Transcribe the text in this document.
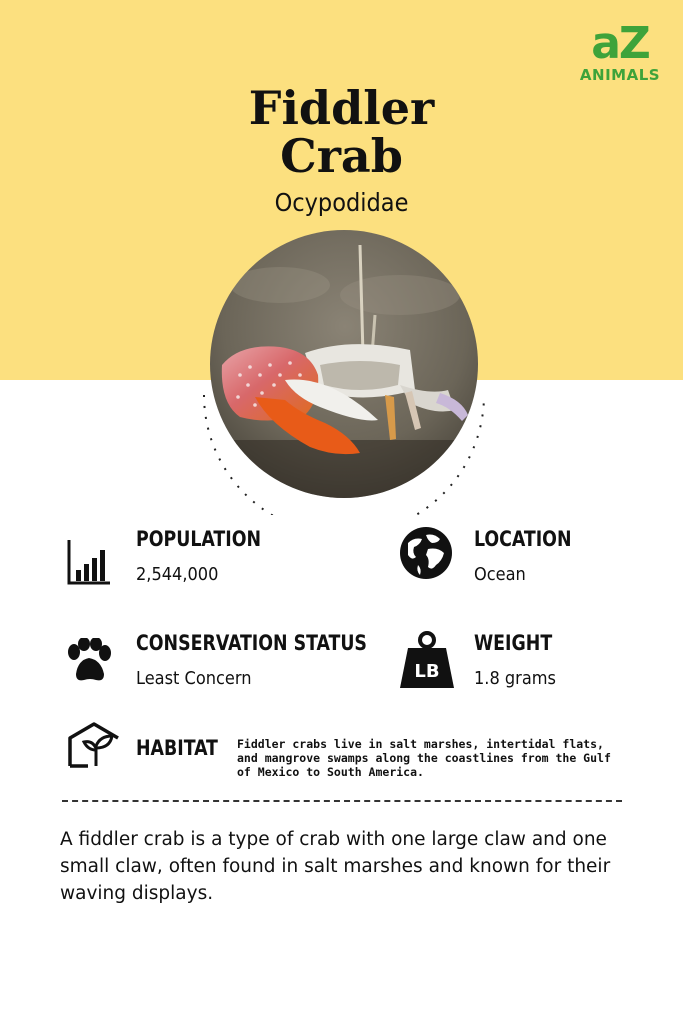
aZ
ANIMALS
Fiddler
Crab
Ocypodidae
POPULATION
2,544,000
LOCATION
Ocean
CONSERVATION STATUS
Least Concern	LB
WEIGHT
1.8 grams
HABITAT Fiddler crabs live in salt marshes, intertidal flats, and mangrove swamps along the coastlines from the Gulf of Mexico to South America.
A fiddler crab is a type of crab with one large claw and one small claw, often found in salt marshes and known for their waving displays.
